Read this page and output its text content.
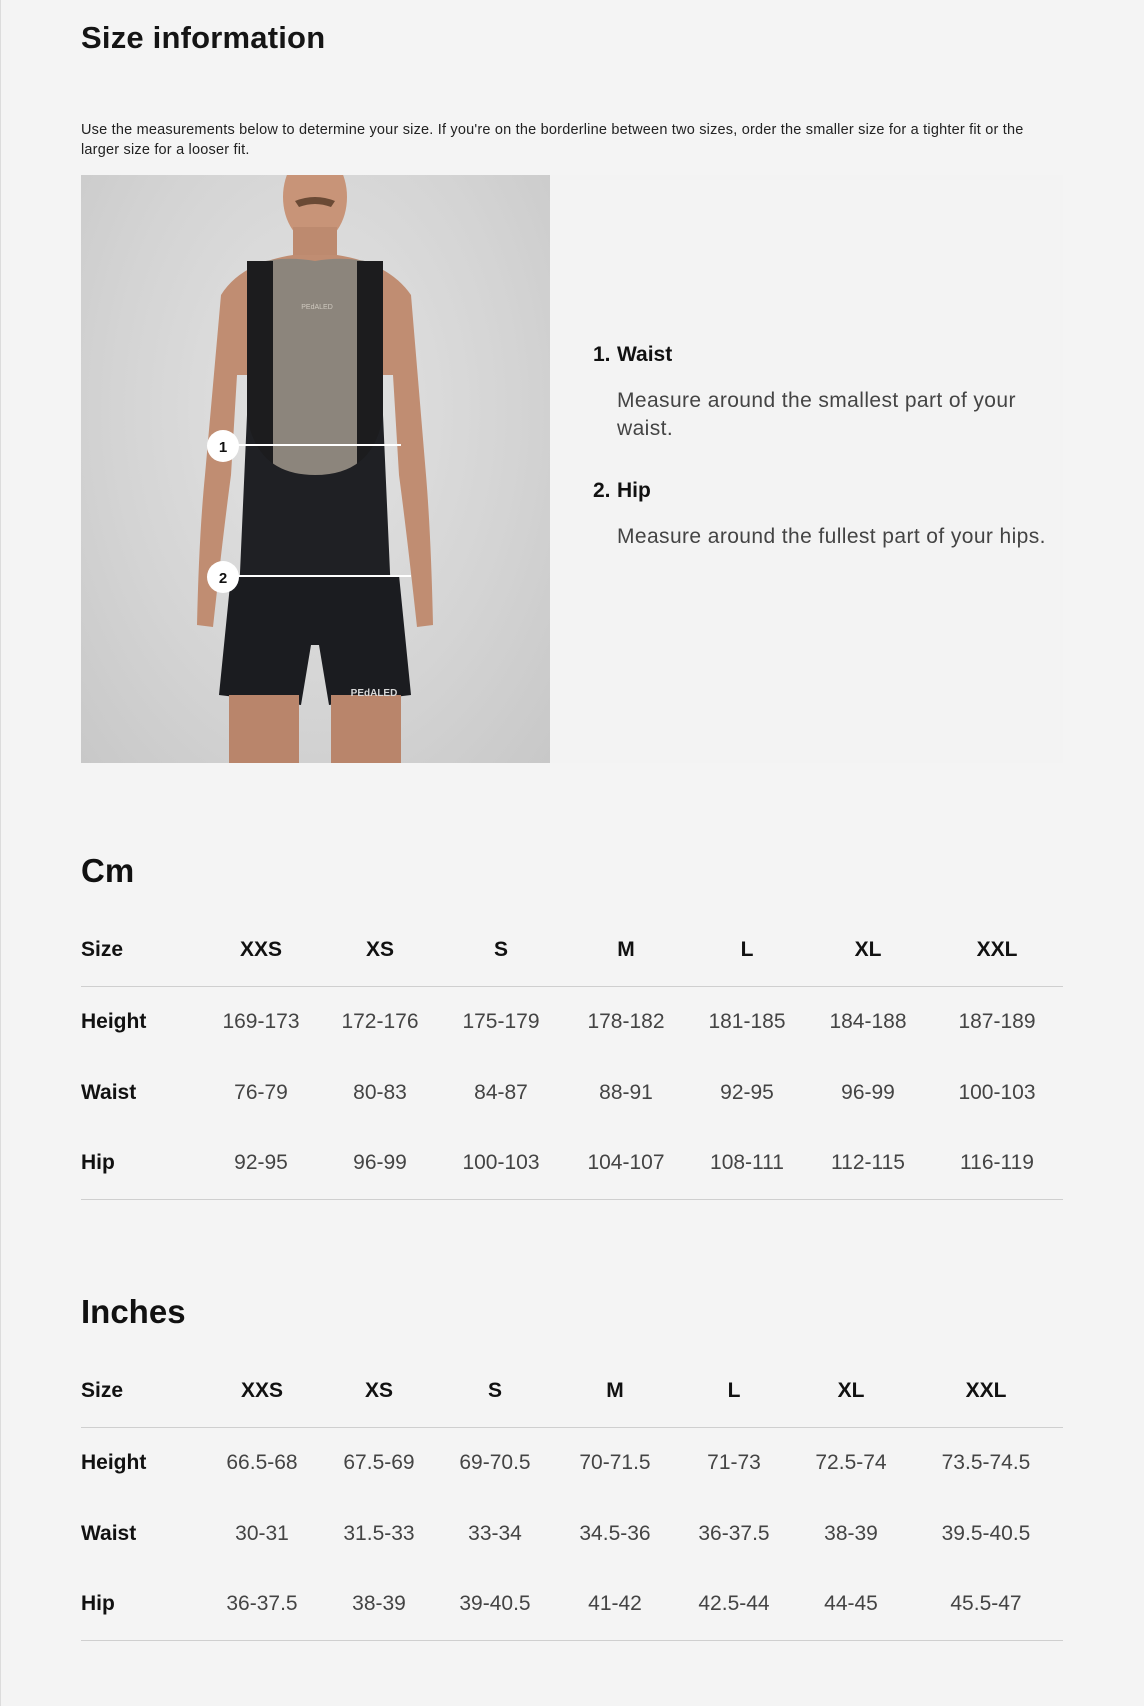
Size information

Use the measurements below to determine your size. If you're on the borderline between two sizes, order the smaller size for a tighter fit or the larger size for a looser fit.

PEdALED
PEdALED
1
2
1. Waist

Measure around the smallest part of your waist.

2. Hip

Measure around the fullest part of your hips.

Cm
Size	XXS	XS	S	M	L	XL	XXL
Height	169-173	172-176	175-179	178-182	181-185	184-188	187-189
Waist	76-79	80-83	84-87	88-91	92-95	96-99	100-103
Hip	92-95	96-99	100-103	104-107	108-111	112-115	116-119
Inches
Size	XXS	XS	S	M	L	XL	XXL
Height	66.5-68	67.5-69	69-70.5	70-71.5	71-73	72.5-74	73.5-74.5
Waist	30-31	31.5-33	33-34	34.5-36	36-37.5	38-39	39.5-40.5
Hip	36-37.5	38-39	39-40.5	41-42	42.5-44	44-45	45.5-47
